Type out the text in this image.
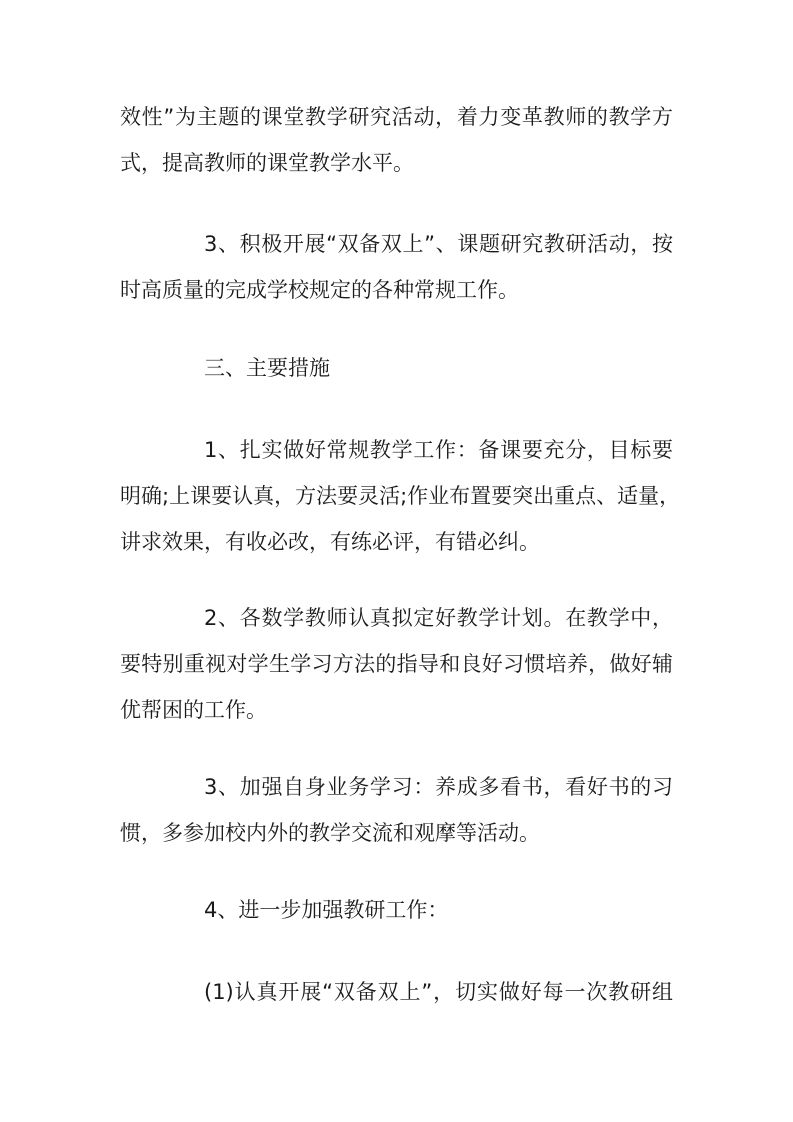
效性”为主题的课堂教学研究活动，着力变革教师的教学方
式，提高教师的课堂教学水平。
3、积极开展“双备双上”、课题研究教研活动，按
时高质量的完成学校规定的各种常规工作。
三、主要措施
1、扎实做好常规教学工作：备课要充分，目标要
明确;上课要认真，方法要灵活;作业布置要突出重点、适量，
讲求效果，有收必改，有练必评，有错必纠。
2、各数学教师认真拟定好教学计划。在教学中，
要特别重视对学生学习方法的指导和良好习惯培养，做好辅
优帮困的工作。
3、加强自身业务学习：养成多看书，看好书的习
惯，多参加校内外的教学交流和观摩等活动。
4、进一步加强教研工作：
(1)认真开展“双备双上”，切实做好每一次教研组
